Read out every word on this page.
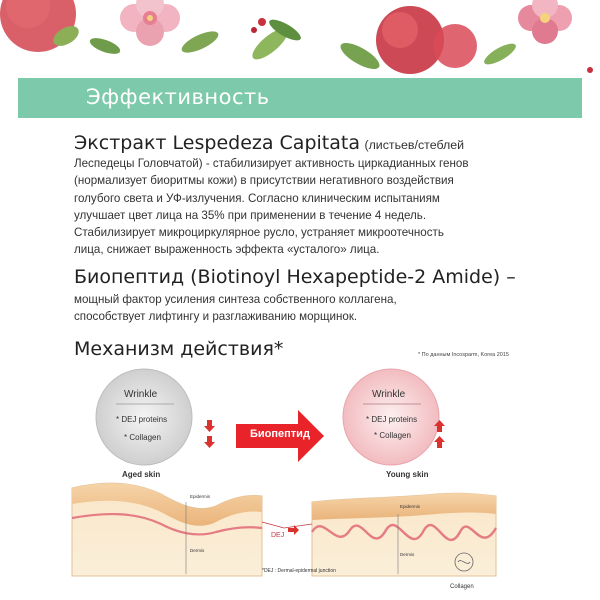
Эффективность
Экстракт Lespedeza Capitata (листьев/стеблей
Леспедецы Головчатой) - стабилизирует активность циркадианных генов
(нормализует биоритмы кожи) в присутствии негативного воздействия
голубого света и УФ-излучения. Согласно клиническим испытаниям
улучшает цвет лица на 35% при применении в течение 4 недель.
Стабилизирует микроциркулярное русло, устраняет микроотечность
лица, снижает выраженность эффекта «усталого» лица.
Биопептид (Biotinoyl Hexapeptide-2 Amide) –
мощный фактор усиления синтеза собственного коллагена,
способствует лифтингу и разглаживанию морщинок.
Механизм действия*	* По данным Incosparm, Korea 2015
Wrinkle
* DEJ proteins
* Collagen	Биопептид
Wrinkle
* DEJ proteins
* Collagen
Aged skin	Young skin
Epidermis
Dermis
Epidermis
Dermis
DEJ
*DEJ : Dermal-epidermal junction
Collagen
